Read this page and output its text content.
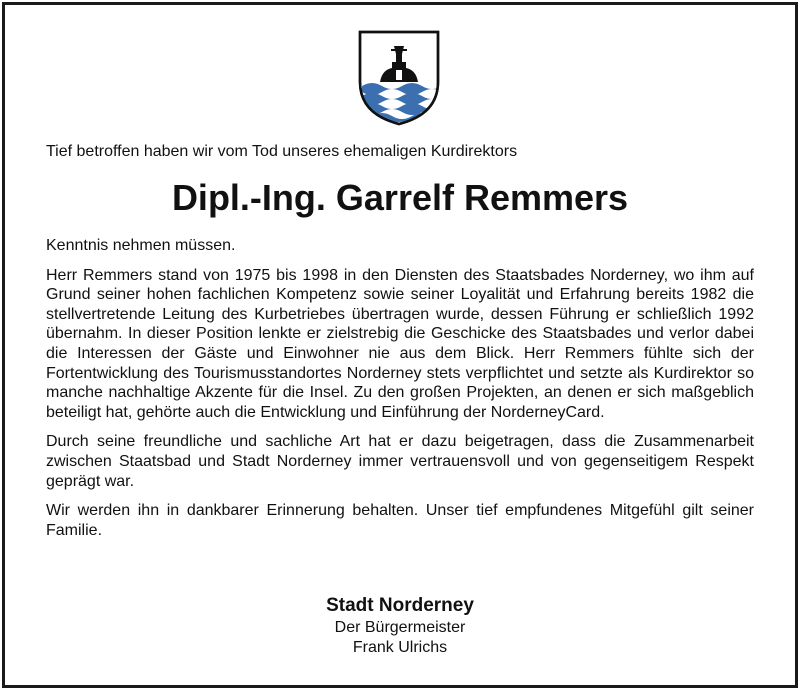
Tief betroffen haben wir vom Tod unseres ehemaligen Kurdirektors
Dipl.-Ing. Garrelf Remmers

Kenntnis nehmen müssen.

Herr Remmers stand von 1975 bis 1998 in den Diensten des Staatsbades Norderney, wo ihm auf Grund seiner hohen fachlichen Kompetenz sowie seiner Loyalität und Erfahrung bereits 1982 die stellvertretende Leitung des Kurbetriebes übertragen wurde, dessen Führung er schließlich 1992 übernahm. In dieser Position lenkte er zielstrebig die Geschicke des Staatsbades und verlor dabei die Interessen der Gäste und Einwohner nie aus dem Blick. Herr Remmers fühlte sich der Fortentwicklung des Tourismusstandortes Norderney stets verpflichtet und setzte als Kurdirektor so manche nachhaltige Akzente für die Insel. Zu den großen Projekten, an denen er sich maßgeblich beteiligt hat, gehörte auch die Entwicklung und Einführung der NorderneyCard.

Durch seine freundliche und sachliche Art hat er dazu beigetragen, dass die Zusammenarbeit zwischen Staatsbad und Stadt Norderney immer vertrauensvoll und von gegenseitigem Respekt geprägt war.

Wir werden ihn in dankbarer Erinnerung behalten. Unser tief empfundenes Mitgefühl gilt seiner Familie.

Stadt Norderney
Der Bürgermeister
Frank Ulrichs
